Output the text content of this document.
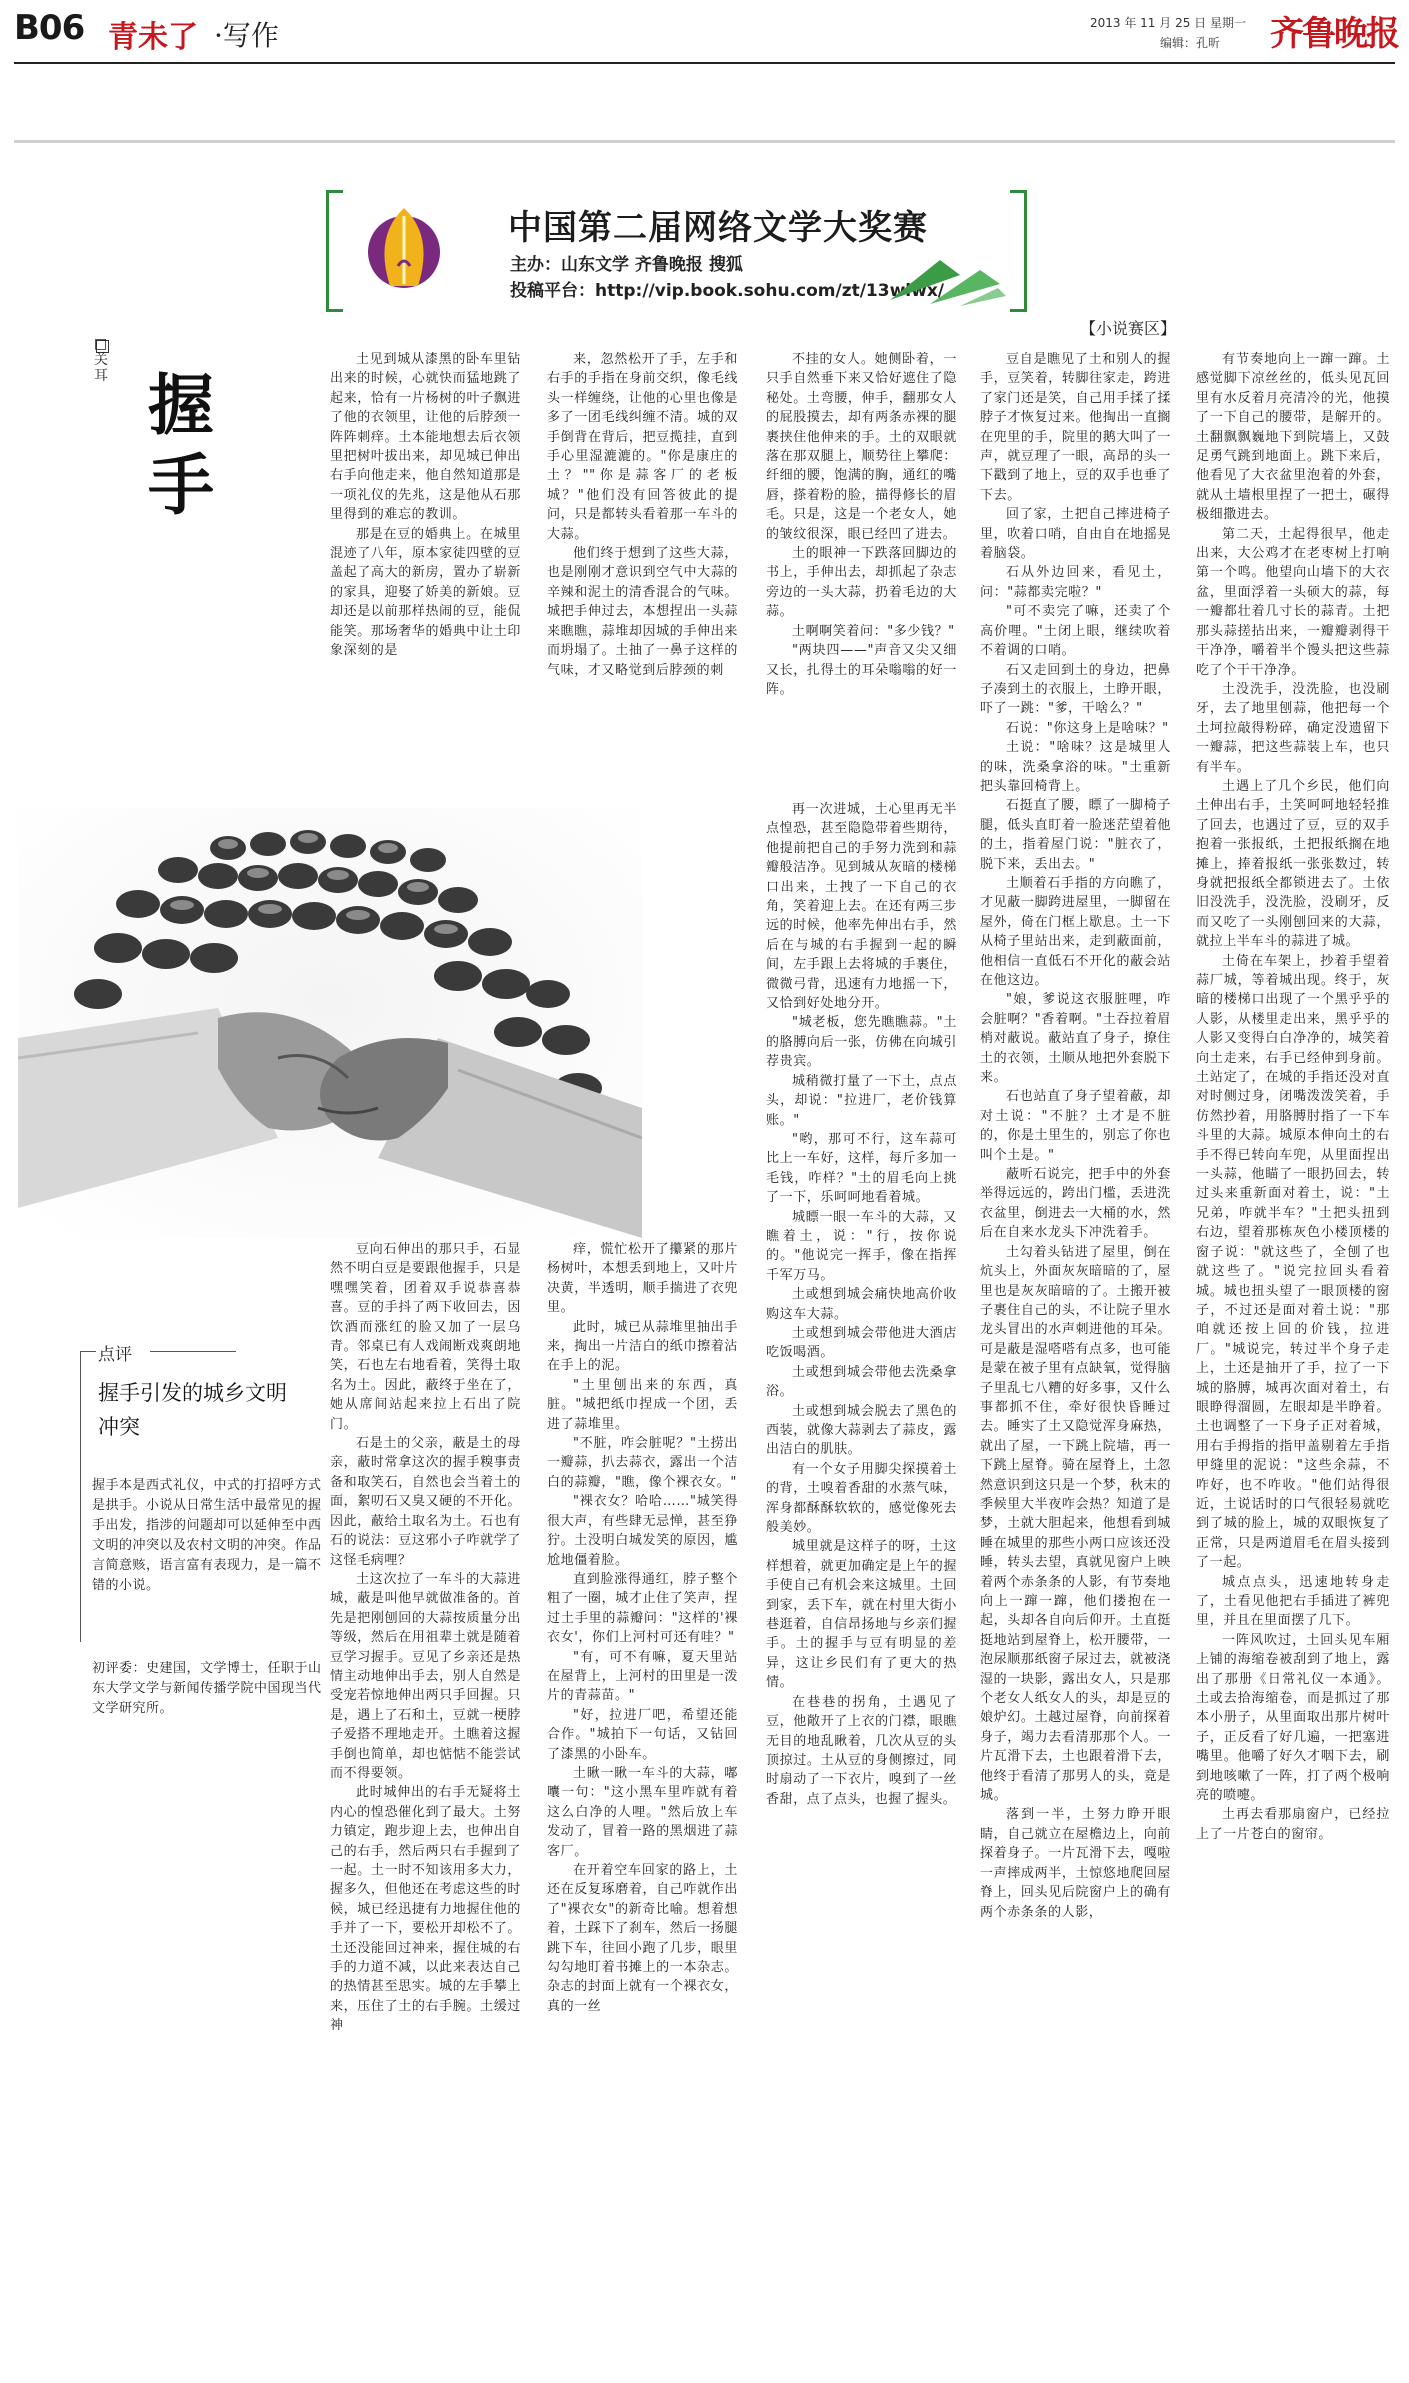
B06 青未了 ·写作	2013 年 11 月 25 日 星期一
编辑：孔昕 齐鲁晚报
中国第二届网络文学大奖赛
主办：山东文学 齐鲁晚报 搜狐
投稿平台：http://vip.book.sohu.com/zt/13wlwx/
【小说赛区】
□关耳 握手
点评
握手引发的城乡文明冲突
握手本是西式礼仪，中式的打招呼方式是拱手。小说从日常生活中最常见的握手出发，指涉的问题却可以延伸至中西文明的冲突以及农村文明的冲突。作品言简意赅，语言富有表现力，是一篇不错的小说。
初评委：史建国，文学博士，任职于山东大学文学与新闻传播学院中国现当代文学研究所。

土见到城从漆黑的卧车里钻出来的时候，心就快而猛地跳了起来，恰有一片杨树的叶子飘进了他的衣领里，让他的后脖颈一阵阵刺痒。土本能地想去后衣领里把树叶拔出来，却见城已伸出右手向他走来，他自然知道那是一项礼仪的先兆，这是他从石那里得到的难忘的教训。

那是在豆的婚典上。在城里混迹了八年，原本家徒四壁的豆盖起了高大的新房，置办了崭新的家具，迎娶了娇美的新娘。豆却还是以前那样热闹的豆，能侃能笑。那场奢华的婚典中让土印象深刻的是

来，忽然松开了手，左手和右手的手指在身前交织，像毛线头一样缠绕，让他的心里也像是多了一团毛线纠缠不清。城的双手倒背在背后，把豆揽挂，直到手心里湿漉漉的。"你是康庄的土？""你是蒜客厂的老板城？"他们没有回答彼此的提问，只是都转头看着那一车斗的大蒜。

他们终于想到了这些大蒜，也是刚刚才意识到空气中大蒜的辛辣和泥土的清香混合的气味。城把手伸过去，本想捏出一头蒜来瞧瞧，蒜堆却因城的手伸出来而坍塌了。土抽了一鼻子这样的气味，才又略觉到后脖颈的刺

不挂的女人。她侧卧着，一只手自然垂下来又恰好遮住了隐秘处。土弯腰，伸手，翻那女人的屁股摸去，却有两条赤裸的腿裹挟住他伸来的手。土的双眼就落在那双腿上，顺势往上攀爬：纤细的腰，饱满的胸，通红的嘴唇，搽着粉的脸，描得修长的眉毛。只是，这是一个老女人，她的皱纹很深，眼已经凹了进去。

土的眼神一下跌落回脚边的书上，手伸出去，却抓起了杂志旁边的一头大蒜，扔着毛边的大蒜。

土啊啊笑着问："多少钱？"

"两块四——"声音又尖又细又长，扎得土的耳朵嗡嗡的好一阵。

豆自是瞧见了土和别人的握手，豆笑着，转脚往家走，跨进了家门还是笑，自己用手揉了揉脖子才恢复过来。他掏出一直搁在兜里的手，院里的鹅大叫了一声，就豆理了一眼，高昂的头一下戳到了地上，豆的双手也垂了下去。

回了家，土把自己摔进椅子里，吹着口哨，自由自在地摇晃着脑袋。

石从外边回来，看见土，问："蒜都卖完啦？"

"可不卖完了嘛，还卖了个高价哩。"土闭上眼，继续吹着不着调的口哨。

石又走回到土的身边，把鼻子凑到土的衣服上，土睁开眼，吓了一跳："爹，干啥么？"

石说："你这身上是啥味？"

土说："啥味？这是城里人的味，洗桑拿浴的味。"土重新把头靠回椅背上。

石挺直了腰，瞟了一脚椅子腿，低头直盯着一脸迷茫望着他的土，指着屋门说："脏衣了，脱下来，丢出去。"

土顺着石手指的方向瞧了，才见蔽一脚跨进屋里，一脚留在屋外，倚在门框上歇息。土一下从椅子里站出来，走到蔽面前，他相信一直低石不开化的蔽会站在他这边。

"娘，爹说这衣服脏哩，咋会脏啊？"香着啊。"土吞拉着眉梢对蔽说。蔽站直了身子，撩住土的衣领，土顺从地把外套脱下来。

石也站直了身子望着蔽，却对土说："不脏？土才是不脏的，你是土里生的，别忘了你也叫个土是。"

蔽听石说完，把手中的外套举得远远的，跨出门槛，丢进洗衣盆里，倒进去一大桶的水，然后在自来水龙头下冲洗着手。

土勾着头钻进了屋里，倒在炕头上，外面灰灰暗暗的了，屋里也是灰灰暗暗的了。土搬开被子裹住自己的头，不让院子里水龙头冒出的水声刺进他的耳朵。可是蔽是湿嗒嗒有点多，也可能是蒙在被子里有点缺氧，觉得脑子里乱七八糟的好多事，又什么事都抓不住，牵好很快昏睡过去。睡实了土又隐觉浑身麻热，就出了屋，一下跳上院墙，再一下跳上屋脊。骑在屋脊上，土忽然意识到这只是一个梦，秋末的季候里大半夜咋会热？知道了是梦，土就大胆起来，他想看到城睡在城里的那些小两口应该还没睡，转头去望，真就见窗户上映着两个赤条条的人影，有节奏地向上一蹿一蹿，他们搂抱在一起，头却各自向后仰开。土直挺挺地站到屋脊上，松开腰带，一泡尿顺那纸窗子尿过去，就被浇湿的一块影，露出女人，只是那个老女人纸女人的头，却是豆的娘炉幻。土越过屋脊，向前探着身子，竭力去看清那那个人。一片瓦滑下去，土也跟着滑下去，他终于看清了那男人的头，竟是城。

落到一半，土努力睁开眼睛，自己就立在屋檐边上，向前探着身子。一片瓦滑下去，嘎啦一声摔成两半，土惊悠地爬回屋脊上，回头见后院窗户上的确有两个赤条条的人影，

有节奏地向上一蹿一蹿。土感觉脚下凉丝丝的，低头见瓦回里有水反着月亮清冷的光，他摸了一下自己的腰带，是解开的。土翻飘飘巍地下到院墙上，又鼓足勇气跳到地面上。跳下来后，他看见了大衣盆里泡着的外套，就从土墙根里捏了一把土，碾得极细撒进去。

第二天，土起得很早，他走出来，大公鸡才在老枣树上打响第一个鸣。他望向山墙下的大衣盆，里面浮着一头硕大的蒜，每一瓣都壮着几寸长的蒜青。土把那头蒜搓拈出来，一瓣瓣剥得干干净净，嚼着半个馒头把这些蒜吃了个干干净净。

土没洗手，没洗脸，也没刷牙，去了地里刨蒜，他把每一个土坷拉敲得粉碎，确定没遗留下一瓣蒜，把这些蒜装上车，也只有半车。

土遇上了几个乡民，他们向土伸出右手，土笑呵呵地轻轻推了回去，也遇过了豆，豆的双手抱着一张报纸，土把报纸搁在地摊上，捧着报纸一张张数过，转身就把报纸全都锁进去了。土依旧没洗手，没洗脸，没刷牙，反而又吃了一头刚刨回来的大蒜，就拉上半车斗的蒜进了城。

土倚在车架上，抄着手望着蒜厂城，等着城出现。终于，灰暗的楼梯口出现了一个黑乎乎的人影，从楼里走出来，黑乎乎的人影又变得白白净净的，城笑着向土走来，右手已经伸到身前。土站定了，在城的手指还没对直对时侧过身，闭嘴泼泼笑着，手仿然抄着，用胳膊肘指了一下车斗里的大蒜。城原本伸向土的右手不得已转向车兜，从里面捏出一头蒜，他瞄了一眼扔回去，转过头来重新面对着土，说："土兄弟，咋就半车？"土把头扭到右边，望着那栋灰色小楼顶楼的窗子说："就这些了，全刨了也就这些了。"说完拉回头看着城。城也扭头望了一眼顶楼的窗子，不过还是面对着土说："那咱就还按上回的价钱，拉进厂。"城说完，转过半个身子走上，土还是抽开了手，拉了一下城的胳膊，城再次面对着土，右眼睁得溜圆，左眼却是半睁着。土也调整了一下身子正对着城，用右手拇指的指甲盖剔着左手指甲缝里的泥说："这些余蒜，不咋好，也不咋收。"他们站得很近，土说话时的口气很轻易就吃到了城的脸上，城的双眼恢复了正常，只是两道眉毛在眉头接到了一起。

城点点头，迅速地转身走了，土看见他把右手插进了裤兜里，并且在里面摆了几下。

一阵风吹过，土回头见车厢上铺的海缩卷被刮到了地上，露出了那册《日常礼仪一本通》。土或去拾海缩卷，而是抓过了那本小册子，从里面取出那片树叶子，正反看了好几遍，一把塞进嘴里。他嚼了好久才咽下去，刷到地咳嗽了一阵，打了两个极响亮的喷嚏。

土再去看那扇窗户，已经拉上了一片苍白的窗帘。

豆向石伸出的那只手，石显然不明白豆是要跟他握手，只是嘿嘿笑着，团着双手说恭喜恭喜。豆的手抖了两下收回去，因饮酒而涨红的脸又加了一层乌青。邻桌已有人戏闹断戏爽朗地笑，石也左右地看着，笑得土取名为土。因此，蔽终于坐在了，她从席间站起来拉上石出了院门。

石是土的父亲，蔽是土的母亲，蔽时常拿这次的握手糗事责备和取笑石，自然也会当着土的面，絮叨石又臭又硬的不开化。因此，蔽给土取名为土。石也有石的说法：豆这邪小子咋就学了这怪毛病哩？

土这次拉了一车斗的大蒜进城，蔽是叫他早就做准备的。首先是把刚刨回的大蒜按质量分出等级，然后在用祖辈土就是随着豆学习握手。豆见了乡亲还是热情主动地伸出手去，别人自然是受宠若惊地伸出两只手回握。只是，遇上了石和土，豆就一梗脖子爱搭不理地走开。土瞧着这握手倒也简单，却也惦惦不能尝试而不得要领。

此时城伸出的右手无疑将土内心的惶恐催化到了最大。土努力镇定，跑步迎上去，也伸出自己的右手，然后两只右手握到了一起。土一时不知该用多大力，握多久，但他还在考虑这些的时候，城已经迅捷有力地握住他的手并了一下，要松开却松不了。土还没能回过神来，握住城的右手的力道不减，以此来表达自己的热情甚至思实。城的左手攀上来，压住了土的右手腕。土缓过神

痒，慌忙松开了攥紧的那片杨树叶，本想丢到地上，又叶片决黄，半透明，顺手揣进了衣兜里。

此时，城已从蒜堆里抽出手来，掏出一片洁白的纸巾擦着沾在手上的泥。

"土里刨出来的东西，真脏。"城把纸巾捏成一个团，丢进了蒜堆里。

"不脏，咋会脏呢？"土捞出一瓣蒜，扒去蒜衣，露出一个洁白的蒜瓣，"瞧，像个裸衣女。"

"裸衣女？哈哈……"城笑得很大声，有些肆无忌惮，甚至狰狞。土没明白城发笑的原因，尴尬地僵着脸。

直到脸涨得通红，脖子整个粗了一圈，城才止住了笑声，捏过土手里的蒜瓣问："这样的'裸衣女'，你们上河村可还有哇？"

"有，可不有嘛，夏天里站在屋背上，上河村的田里是一泼片的青蒜苗。"

"好，拉进厂吧，希望还能合作。"城拍下一句话，又钻回了漆黑的小卧车。

土瞅一瞅一车斗的大蒜，嘟囔一句："这小黑车里咋就有着这么白净的人哩。"然后放上车发动了，冒着一路的黑烟进了蒜客厂。

在开着空车回家的路上，土还在反复琢磨着，自己咋就作出了"裸衣女"的新奇比喻。想着想着，土踩下了刹车，然后一扬腿跳下车，往回小跑了几步，眼里勾勾地盯着书摊上的一本杂志。杂志的封面上就有一个裸衣女，真的一丝

再一次进城，土心里再无半点惶恐，甚至隐隐带着些期待，他提前把自己的手努力洗到和蒜瓣般洁净。见到城从灰暗的楼梯口出来，土拽了一下自己的衣角，笑着迎上去。在还有两三步远的时候，他率先伸出右手，然后在与城的右手握到一起的瞬间，左手跟上去将城的手裹住，微微弓背，迅速有力地摇一下，又恰到好处地分开。

"城老板，您先瞧瞧蒜。"土的胳膊向后一张，仿佛在向城引荐贵宾。

城稍微打量了一下土，点点头，却说："拉进厂，老价钱算账。"

"哟，那可不行，这车蒜可比上一车好，这样，每斤多加一毛钱，咋样？"土的眉毛向上挑了一下，乐呵呵地看着城。

城瞟一眼一车斗的大蒜，又瞧着土，说："行，按你说的。"他说完一挥手，像在指挥千军万马。

土或想到城会痛快地高价收购这车大蒜。

土或想到城会带他进大酒店吃饭喝酒。

土或想到城会带他去洗桑拿浴。

土或想到城会脱去了黑色的西装，就像大蒜剥去了蒜皮，露出洁白的肌肤。

有一个女子用脚尖探摸着土的背，土嗅着香甜的水蒸气味，浑身都酥酥软软的，感觉像死去般美妙。

城里就是这样子的呀，土这样想着，就更加确定是上午的握手使自己有机会来这城里。土回到家，丢下车，就在村里大街小巷逛着，自信昂扬地与乡亲们握手。土的握手与豆有明显的差异，这让乡民们有了更大的热情。

在巷巷的拐角，土遇见了豆，他敞开了上衣的门襟，眼瞧无目的地乱瞅着，几次从豆的头顶掠过。土从豆的身侧擦过，同时扇动了一下衣片，嗅到了一丝香甜，点了点头，也握了握头。
